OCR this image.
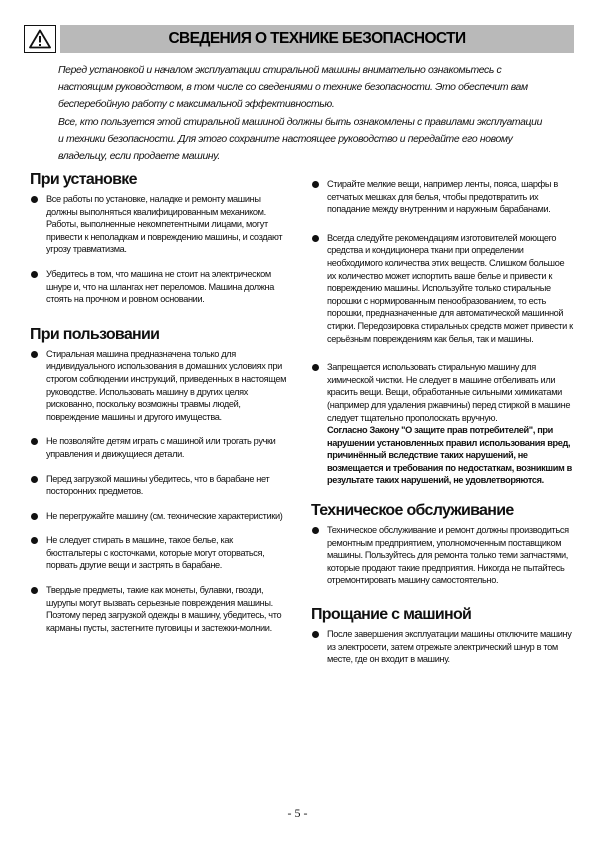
СВЕДЕНИЯ О ТЕХНИКЕ БЕЗОПАСНОСТИ

Перед установкой и началом эксплуатации стиральной машины внимательно ознакомьтесь с настоящим руководством, в том числе со сведениями о технике безопасности. Это обеспечит вам бесперебойную работу с максимальной эффективностью.

Все, кто пользуется этой стиральной машиной должны быть ознакомлены с правилами эксплуатации и техники безопасности. Для этого сохраните настоящее руководство и передайте его новому владельцу, если продаете машину.

При установке
Все работы по установке, наладке и ремонту машины должны выполняться квалифицированным механиком. Работы, выполненные некомпетентными лицами, могут привести к неполадкам и повреждению машины, и создают угрозу травматизма.
Убедитесь в том, что машина не стоит на электрическом шнуре и, что на шлангах нет переломов. Машина должна стоять на прочном и ровном основании.
При пользовании
Стиральная машина предназначена только для индивидуального использования в домашних условиях при строгом соблюдении инструкций, приведенных в настоящем руководстве. Использовать машину в других целях рискованно, поскольку возможны травмы людей, повреждение машины и другого имущества.
Не позволяйте детям играть с машиной или трогать ручки управления и движущиеся детали.
Перед загрузкой машины убедитесь, что в барабане нет посторонних предметов.
Не перегружайте машину (см. технические характеристики)
Не следует стирать в машине, такое белье, как бюстгальтеры с косточками, которые могут оторваться, порвать другие вещи и застрять в барабане.
Твердые предметы, такие как монеты, булавки, гвозди, шурупы могут вызвать серьезные повреждения машины. Поэтому перед загрузкой одежды в машину, убедитесь, что карманы пусты, застегните пуговицы и застежки-молнии.
Стирайте мелкие вещи, например ленты, пояса, шарфы в сетчатых мешках для белья, чтобы предотвратить их попадание между внутренним и наружным барабанами.
Всегда следуйте рекомендациям изготовителей моющего средства и кондиционера ткани при определении необходимого количества этих веществ. Слишком большое их количество может испортить ваше белье и привести к повреждению машины. Используйте только стиральные порошки с нормированным пенообразованием, то есть порошки, предназначенные для автоматической машинной стирки. Передозировка стиральных средств может привести к серьёзным повреждениям как белья, так и машины.
Запрещается использовать стиральную машину для химической чистки. Не следует в машине отбеливать или красить вещи. Вещи, обработанные сильными химикатами (например для удаления ржавчины) перед стиркой в машине следует тщательно прополоскать вручную.
Согласно Закону "О защите прав потребителей", при нарушении установленных правил использования вред, причинённый вследствие таких нарушений, не возмещается и требования по недостаткам, возникшим в результате таких нарушений, не удовлетворяются.
Техническое обслуживание
Техническое обслуживание и ремонт должны производиться ремонтным предприятием, уполномоченным поставщиком машины. Пользуйтесь для ремонта только теми запчастями, которые продают такие предприятия. Никогда не пытайтесь отремонтировать машину самостоятельно.
Прощание с машиной
После завершения эксплуатации машины отключите машину из электросети, затем отрежьте электрический шнур в том месте, где он входит в машину.
- 5 -
